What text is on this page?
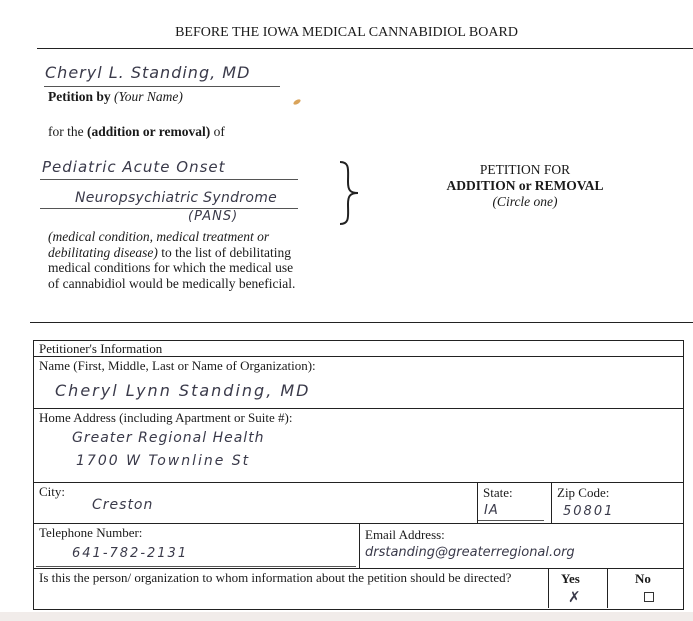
BEFORE THE IOWA MEDICAL CANNABIDIOL BOARD
Cheryl L. Standing, MD
Petition by (Your Name)
for the (addition or removal) of
Pediatric Acute Onset
Neuropsychiatric Syndrome
(PANS)
(medical condition, medical treatment or debilitating disease) to the list of debilitating medical conditions for which the medical use of cannabidiol would be medically beneficial.
PETITION FOR
ADDITION or REMOVAL
(Circle one)
Petitioner's Information
Name (First, Middle, Last or Name of Organization):
Cheryl Lynn Standing, MD
Home Address (including Apartment or Suite #):
Greater Regional Health
1700 W Townline St
City:
Creston
State:
IA
Zip Code:
50801
Telephone Number:
641-782-2131
Email Address:
drstanding@greaterregional.org
Is this the person/ organization to whom information about the petition should be directed?	Yes
✗
No
